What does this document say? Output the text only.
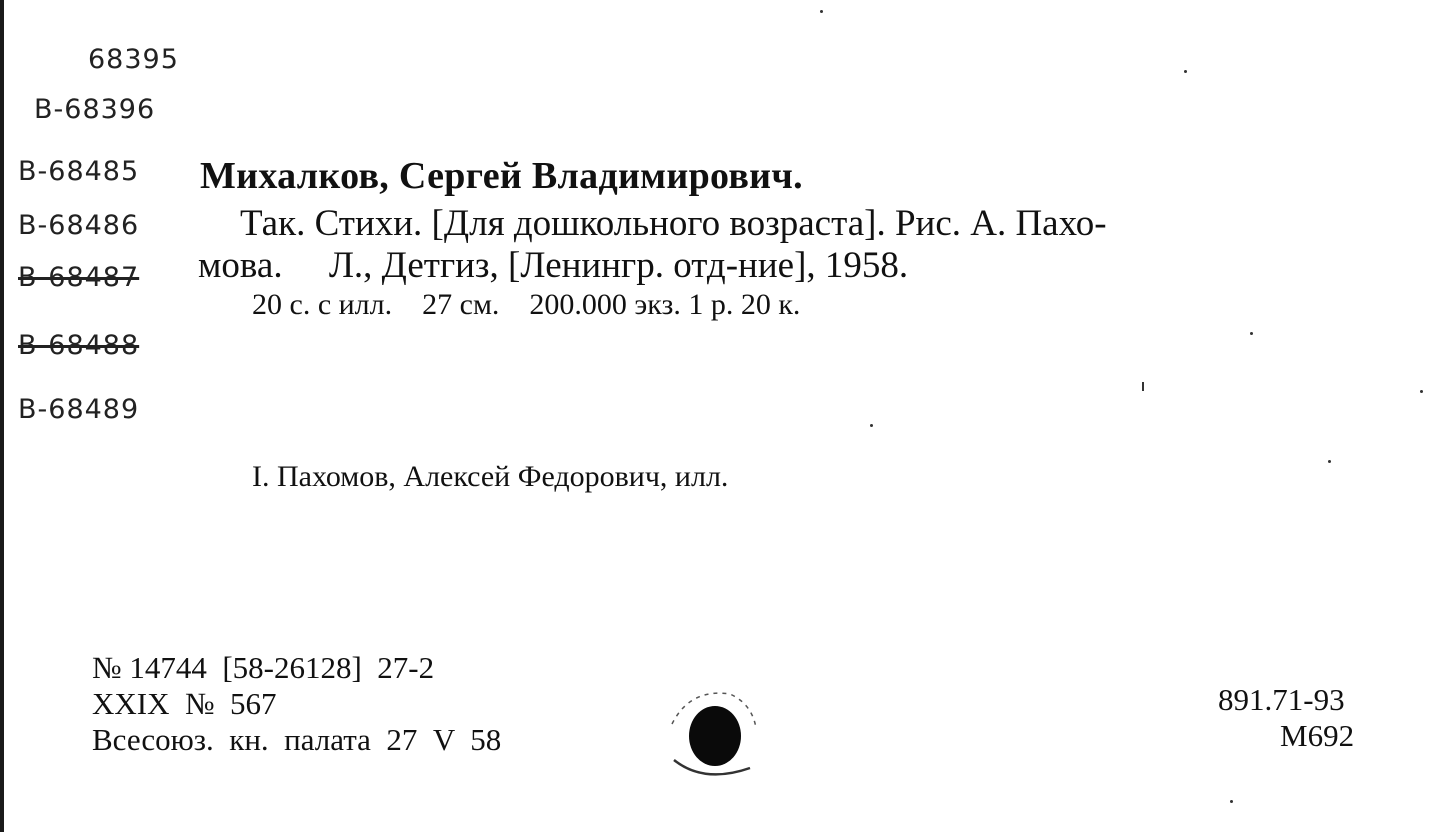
68395
В-68396
В-68485
В-68486
В-68487
В-68488
В-68489
Михалков, Сергей Владимирович.
Так. Стихи. [Для дошкольного возраста]. Рис. А. Пахо-
мова.     Л., Детгиз, [Ленингр. отд-ние], 1958.
20 с. с илл.    27 см.    200.000 экз. 1 р. 20 к.
I. Пахомов, Алексей Федорович, илл.
№ 14744  [58-26128]  27-2
XXIX  №  567
Всесоюз.  кн.  палата  27  V  58
891.71-93
М692
